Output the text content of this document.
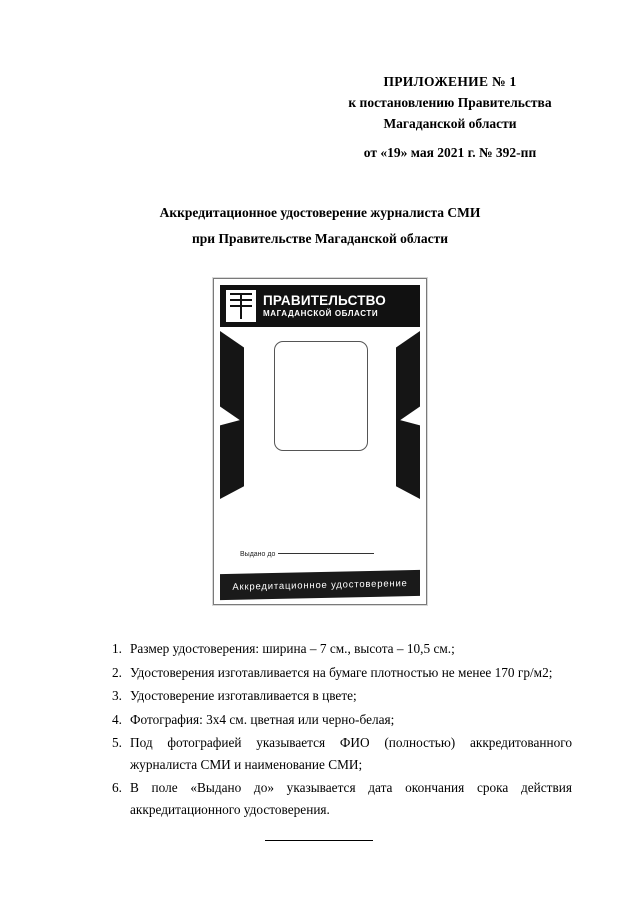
ПРИЛОЖЕНИЕ № 1
к постановлению Правительства
Магаданской области
от «19» мая 2021 г. № 392-пп
Аккредитационное удостоверение журналиста СМИ
при Правительстве Магаданской области
ПРАВИТЕЛЬСТВО
МАГАДАНСКОЙ ОБЛАСТИ
Выдано до
Аккредитационное удостоверение
1. Размер удостоверения: ширина – 7 см., высота – 10,5 см.;
2. Удостоверения изготавливается на бумаге плотностью не менее 170 гр/м2;
3. Удостоверение изготавливается в цвете;
4. Фотография: 3х4 см. цветная или черно-белая;
5. Под фотографией указывается ФИО (полностью) аккредитованного журналиста СМИ и наименование СМИ;
6. В поле «Выдано до» указывается дата окончания срока действия аккредитационного удостоверения.
